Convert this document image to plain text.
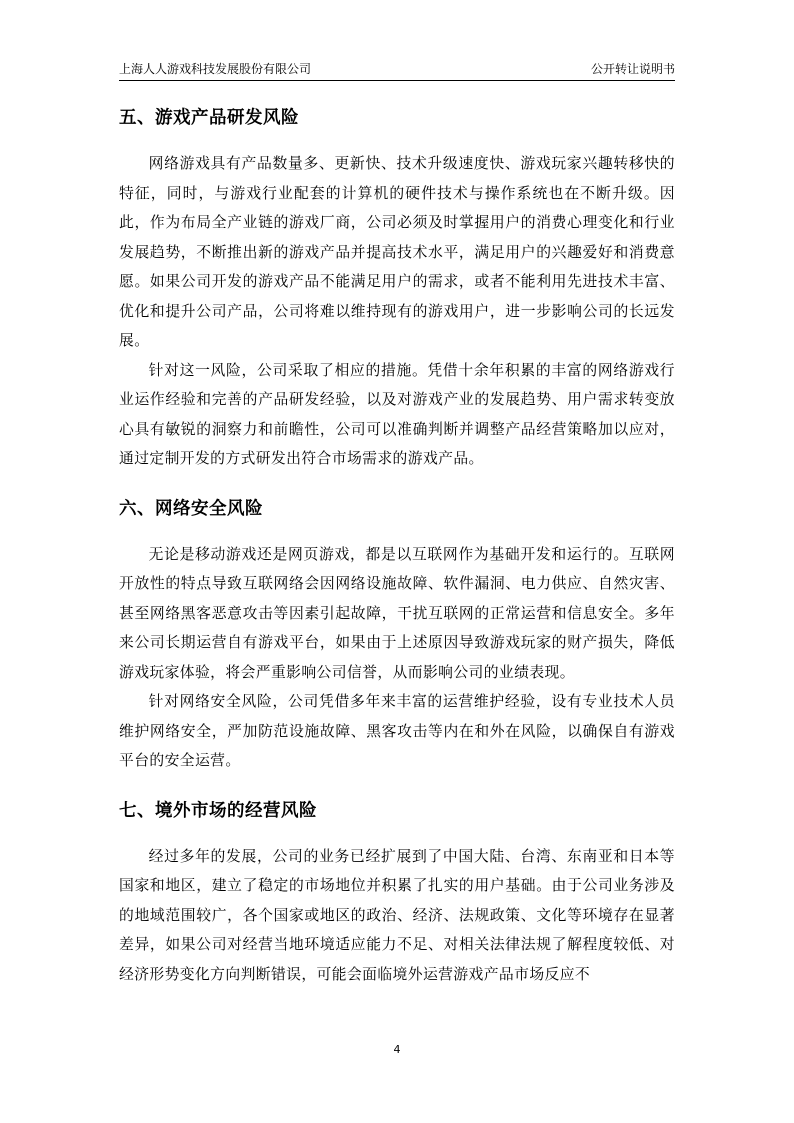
上海人人游戏科技发展股份有限公司	公开转让说明书
五、游戏产品研发风险

网络游戏具有产品数量多、更新快、技术升级速度快、游戏玩家兴趣转移快的特征，同时，与游戏行业配套的计算机的硬件技术与操作系统也在不断升级。因此，作为布局全产业链的游戏厂商，公司必须及时掌握用户的消费心理变化和行业发展趋势，不断推出新的游戏产品并提高技术水平，满足用户的兴趣爱好和消费意愿。如果公司开发的游戏产品不能满足用户的需求，或者不能利用先进技术丰富、优化和提升公司产品，公司将难以维持现有的游戏用户，进一步影响公司的长远发展。

针对这一风险，公司采取了相应的措施。凭借十余年积累的丰富的网络游戏行业运作经验和完善的产品研发经验，以及对游戏产业的发展趋势、用户需求转变放心具有敏锐的洞察力和前瞻性，公司可以准确判断并调整产品经营策略加以应对，通过定制开发的方式研发出符合市场需求的游戏产品。

六、网络安全风险

无论是移动游戏还是网页游戏，都是以互联网作为基础开发和运行的。互联网开放性的特点导致互联网络会因网络设施故障、软件漏洞、电力供应、自然灾害、甚至网络黑客恶意攻击等因素引起故障，干扰互联网的正常运营和信息安全。多年来公司长期运营自有游戏平台，如果由于上述原因导致游戏玩家的财产损失，降低游戏玩家体验，将会严重影响公司信誉，从而影响公司的业绩表现。

针对网络安全风险，公司凭借多年来丰富的运营维护经验，设有专业技术人员维护网络安全，严加防范设施故障、黑客攻击等内在和外在风险，以确保自有游戏平台的安全运营。

七、境外市场的经营风险

经过多年的发展，公司的业务已经扩展到了中国大陆、台湾、东南亚和日本等国家和地区，建立了稳定的市场地位并积累了扎实的用户基础。由于公司业务涉及的地域范围较广，各个国家或地区的政治、经济、法规政策、文化等环境存在显著差异，如果公司对经营当地环境适应能力不足、对相关法律法规了解程度较低、对经济形势变化方向判断错误，可能会面临境外运营游戏产品市场反应不

4
